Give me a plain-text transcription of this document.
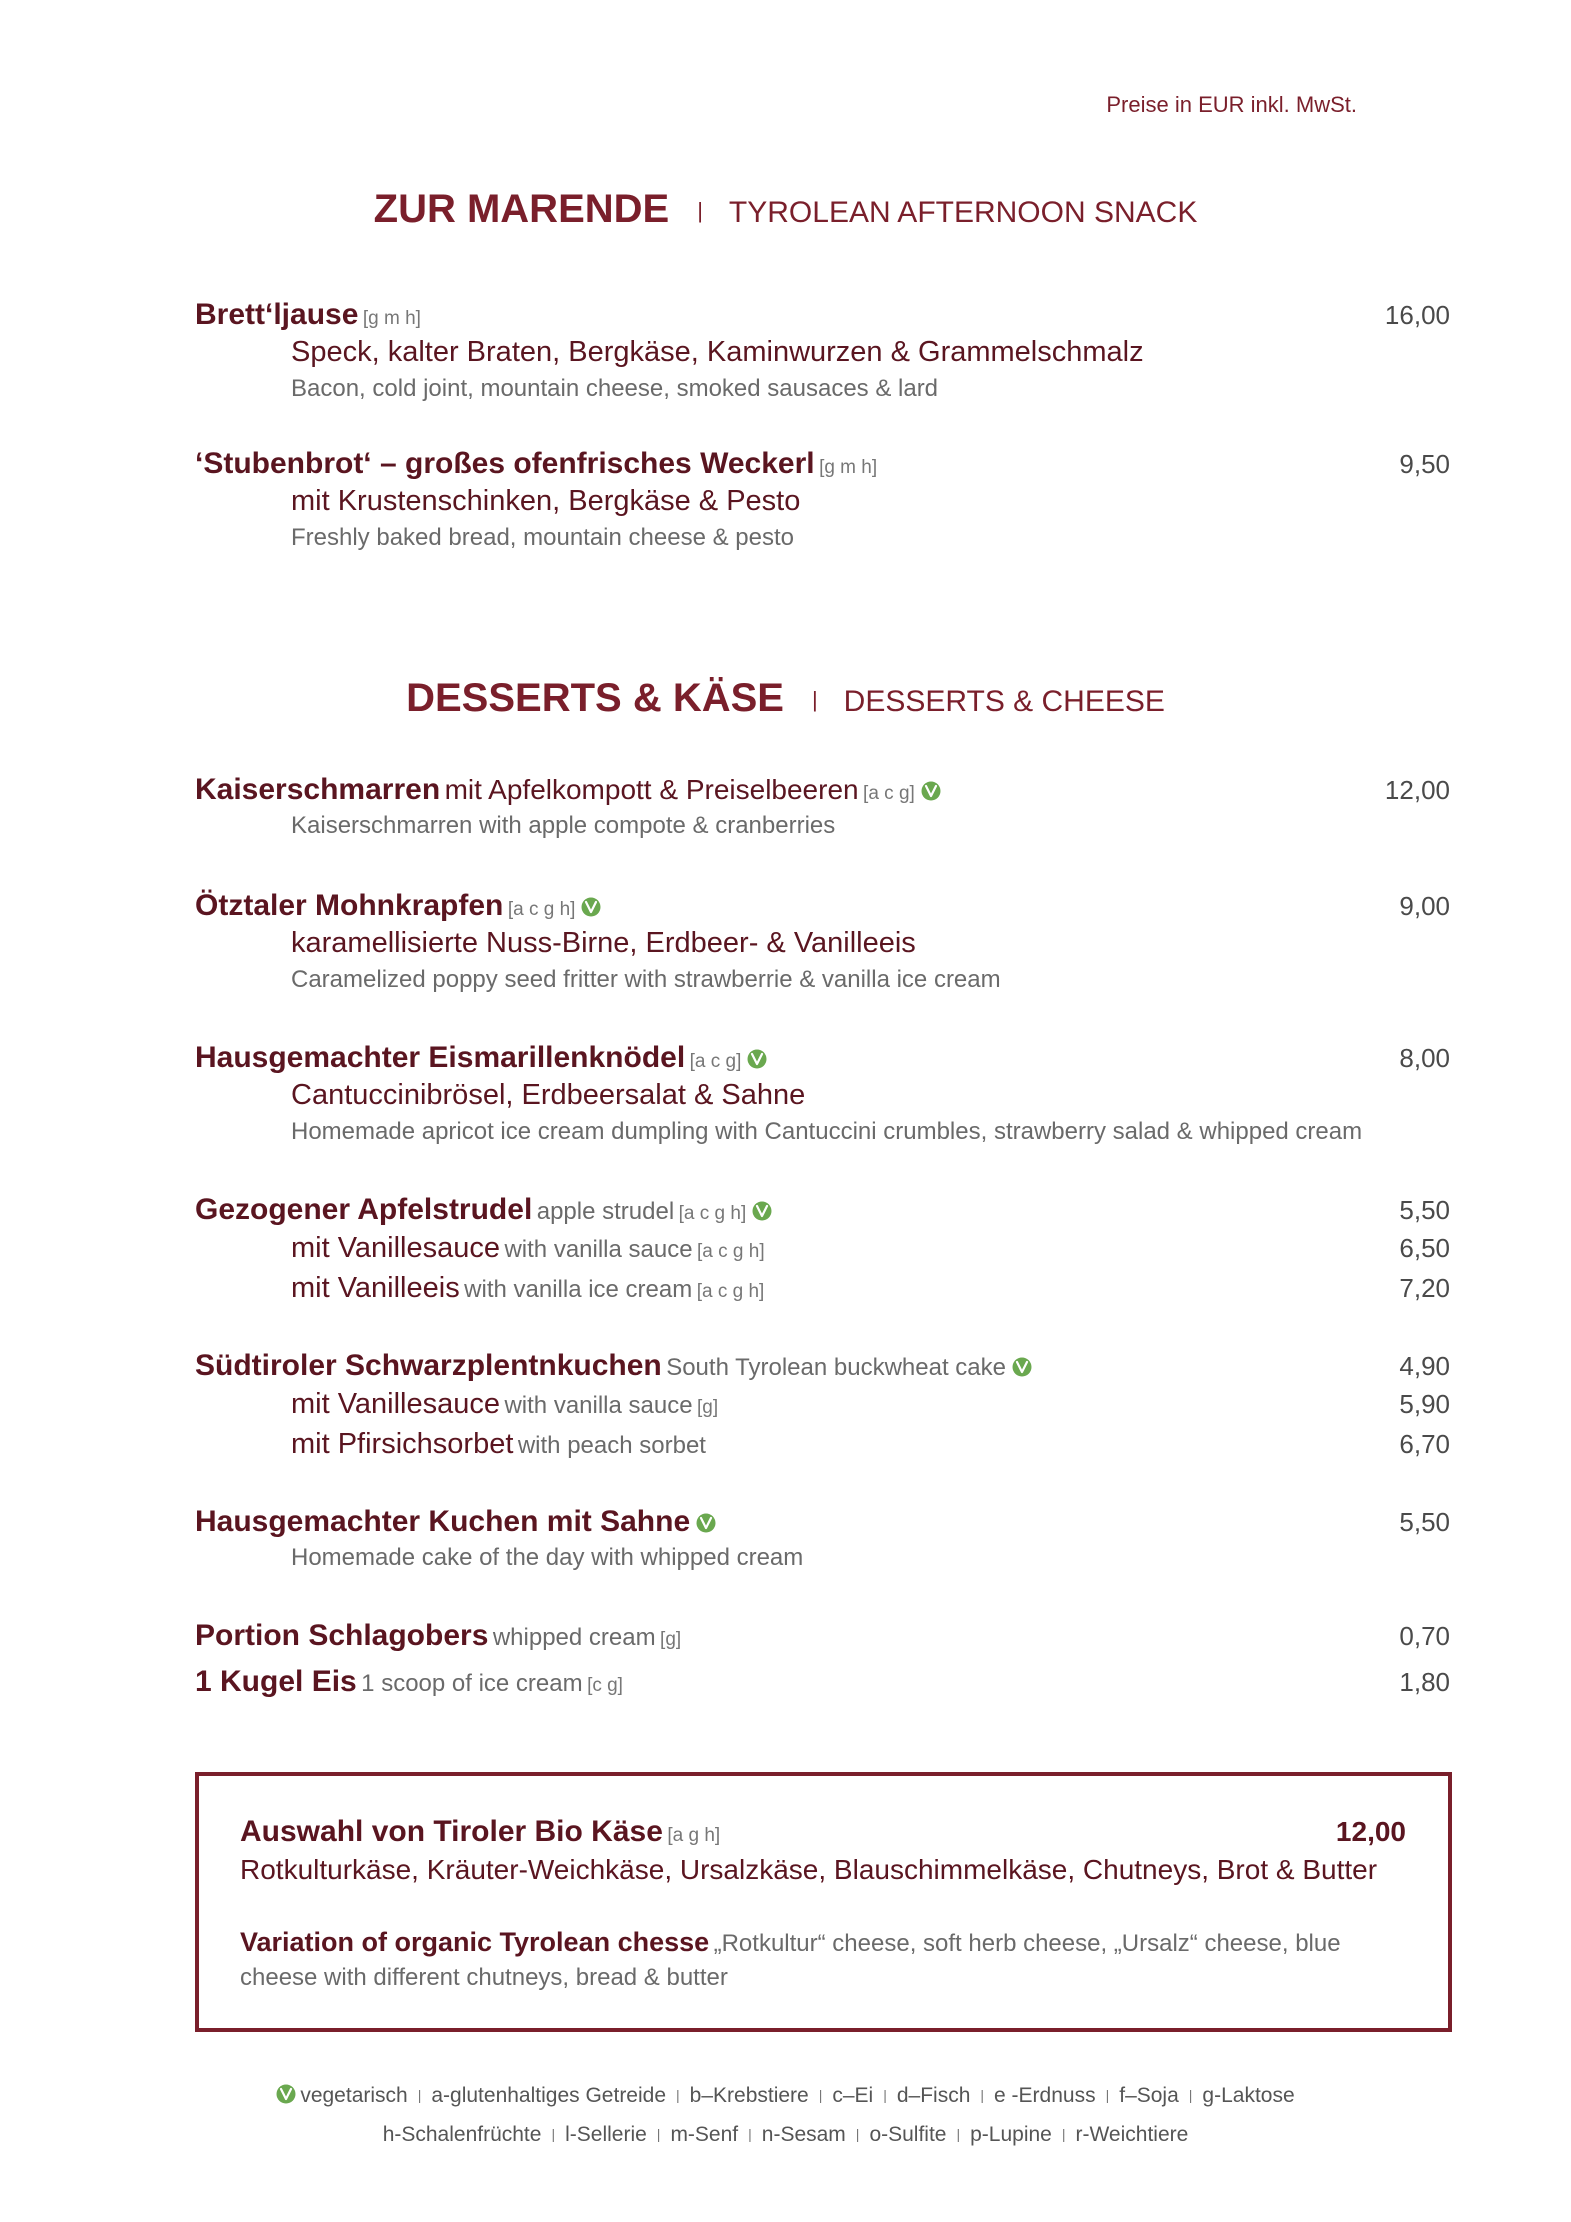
Preise in EUR inkl. MwSt.
ZUR MARENDE | TYROLEAN AFTERNOON SNACK
Brett‘ljause [g m h]	16,00
Speck, kalter Braten, Bergkäse, Kaminwurzen & Grammelschmalz
Bacon, cold joint, mountain cheese, smoked sausaces & lard
‘Stubenbrot‘ – großes ofenfrisches Weckerl [g m h]	9,50
mit Krustenschinken, Bergkäse & Pesto
Freshly baked bread, mountain cheese & pesto
DESSERTS & KÄSE | DESSERTS & CHEESE
Kaiserschmarren mit Apfelkompott & Preiselbeeren [a c g]	12,00
Kaiserschmarren with apple compote & cranberries
Ötztaler Mohnkrapfen [a c g h]	9,00
karamellisierte Nuss-Birne, Erdbeer- & Vanilleeis
Caramelized poppy seed fritter with strawberrie & vanilla ice cream
Hausgemachter Eismarillenknödel [a c g]	8,00
Cantuccinibrösel, Erdbeersalat & Sahne
Homemade apricot ice cream dumpling with Cantuccini crumbles, strawberry salad & whipped cream
Gezogener Apfelstrudel apple strudel [a c g h]	5,50
mit Vanillesauce with vanilla sauce [a c g h]	6,50
mit Vanilleeis with vanilla ice cream [a c g h]	7,20
Südtiroler Schwarzplentnkuchen South Tyrolean buckwheat cake	4,90
mit Vanillesauce with vanilla sauce [g]	5,90
mit Pfirsichsorbet with peach sorbet	6,70
Hausgemachter Kuchen mit Sahne	5,50
Homemade cake of the day with whipped cream
Portion Schlagobers whipped cream [g]	0,70
1 Kugel Eis 1 scoop of ice cream [c g]	1,80
Auswahl von Tiroler Bio Käse [a g h]	12,00
Rotkulturkäse, Kräuter-Weichkäse, Ursalzkäse, Blauschimmelkäse, Chutneys, Brot & Butter
Variation of organic Tyrolean chesse „Rotkultur“ cheese, soft herb cheese, „Ursalz“ cheese, blue
cheese with different chutneys, bread & butter
vegetarisch | a-glutenhaltiges Getreide | b–Krebstiere | c–Ei | d–Fisch | e -Erdnuss | f–Soja | g-Laktose
h-Schalenfrüchte | l-Sellerie | m-Senf | n-Sesam | o-Sulfite | p-Lupine | r-Weichtiere
